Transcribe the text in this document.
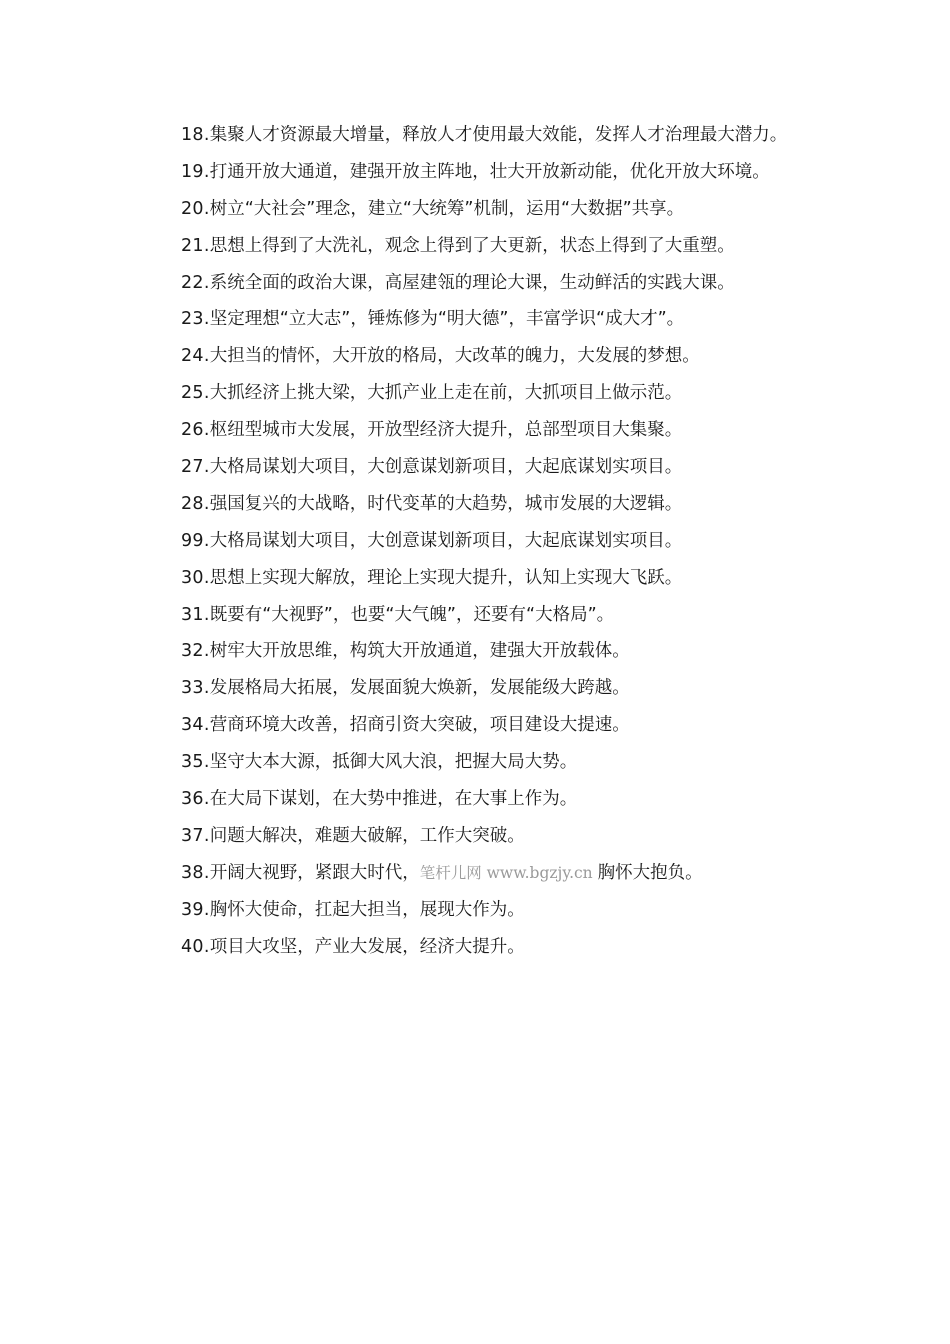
18.集聚人才资源最大增量，释放人才使用最大效能，发挥人才治理最大潜力。

19.打通开放大通道，建强开放主阵地，壮大开放新动能，优化开放大环境。

20.树立“大社会”理念，建立“大统筹”机制，运用“大数据”共享。

21.思想上得到了大洗礼，观念上得到了大更新，状态上得到了大重塑。

22.系统全面的政治大课，高屋建瓴的理论大课，生动鲜活的实践大课。

23.坚定理想“立大志”，锤炼修为“明大德”，丰富学识“成大才”。

24.大担当的情怀，大开放的格局，大改革的魄力，大发展的梦想。

25.大抓经济上挑大梁，大抓产业上走在前，大抓项目上做示范。

26.枢纽型城市大发展，开放型经济大提升，总部型项目大集聚。

27.大格局谋划大项目，大创意谋划新项目，大起底谋划实项目。

28.强国复兴的大战略，时代变革的大趋势，城市发展的大逻辑。

99.大格局谋划大项目，大创意谋划新项目，大起底谋划实项目。

30.思想上实现大解放，理论上实现大提升，认知上实现大飞跃。

31.既要有“大视野”，也要“大气魄”，还要有“大格局”。

32.树牢大开放思维，构筑大开放通道，建强大开放载体。

33.发展格局大拓展，发展面貌大焕新，发展能级大跨越。

34.营商环境大改善，招商引资大突破，项目建设大提速。

35.坚守大本大源，抵御大风大浪，把握大局大势。

36.在大局下谋划，在大势中推进，在大事上作为。

37.问题大解决，难题大破解，工作大突破。

38.开阔大视野，紧跟大时代，笔杆儿网 www.bgzjy.cn 胸怀大抱负。

39.胸怀大使命，扛起大担当，展现大作为。

40.项目大攻坚，产业大发展，经济大提升。
